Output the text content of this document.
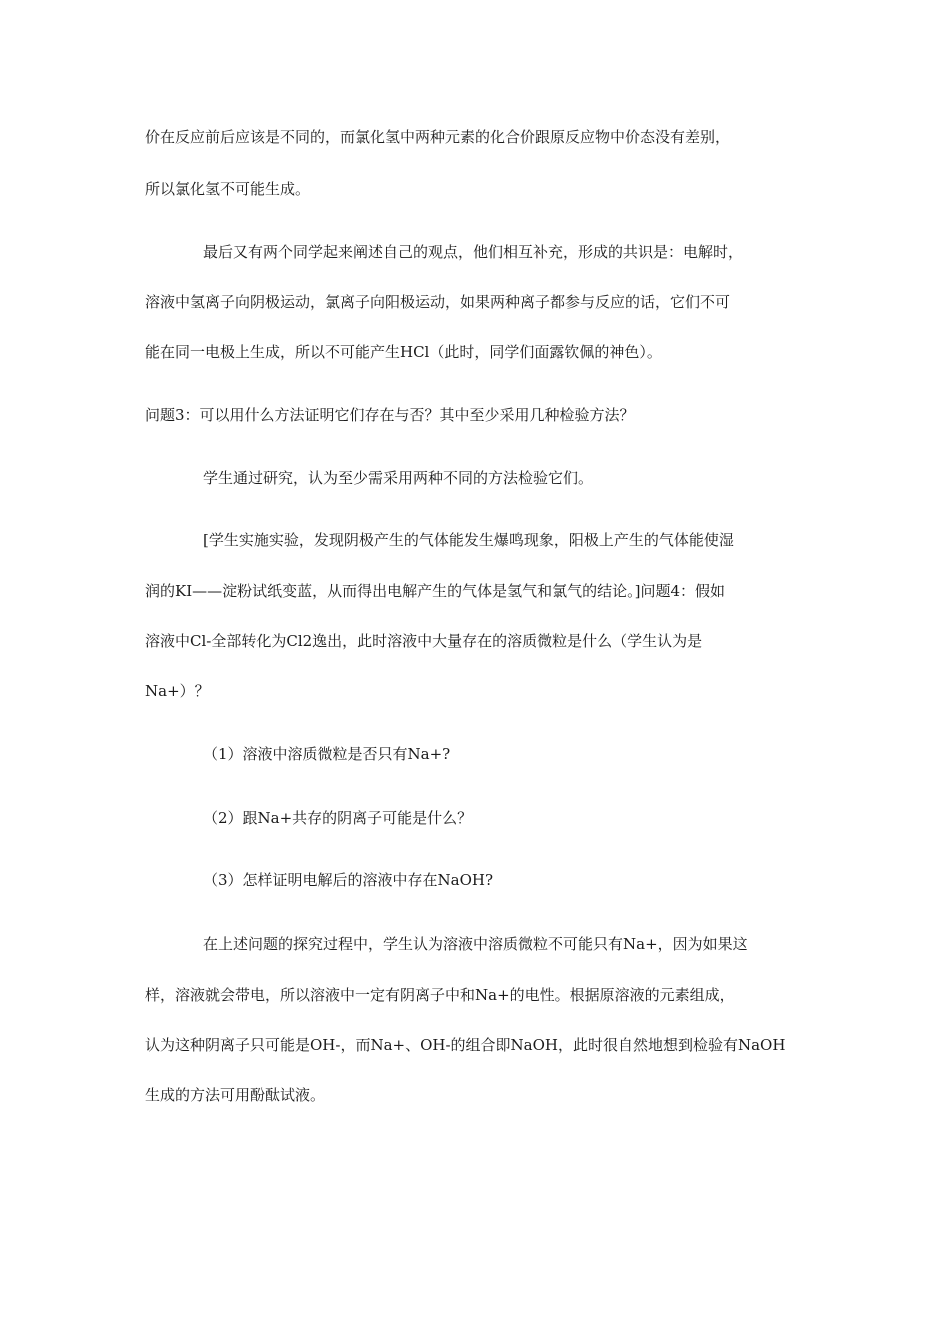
价在反应前后应该是不同的，而氯化氢中两种元素的化合价跟原反应物中价态没有差别，
所以氯化氢不可能生成。
最后又有两个同学起来阐述自己的观点，他们相互补充，形成的共识是：电解时，
溶液中氢离子向阴极运动，氯离子向阳极运动，如果两种离子都参与反应的话，它们不可
能在同一电极上生成，所以不可能产生HCl（此时，同学们面露钦佩的神色）。
问题3：可以用什么方法证明它们存在与否？其中至少采用几种检验方法？
学生通过研究，认为至少需采用两种不同的方法检验它们。
[学生实施实验，发现阴极产生的气体能发生爆鸣现象，阳极上产生的气体能使湿
润的KI——淀粉试纸变蓝，从而得出电解产生的气体是氢气和氯气的结论。]问题4：假如
溶液中Cl-全部转化为Cl2逸出，此时溶液中大量存在的溶质微粒是什么（学生认为是
Na+）？
（1）溶液中溶质微粒是否只有Na+?
（2）跟Na+共存的阴离子可能是什么？
（3）怎样证明电解后的溶液中存在NaOH?
在上述问题的探究过程中，学生认为溶液中溶质微粒不可能只有Na+，因为如果这
样，溶液就会带电，所以溶液中一定有阴离子中和Na+的电性。根据原溶液的元素组成，
认为这种阴离子只可能是OH-，而Na+、OH-的组合即NaOH，此时很自然地想到检验有NaOH
生成的方法可用酚酞试液。
